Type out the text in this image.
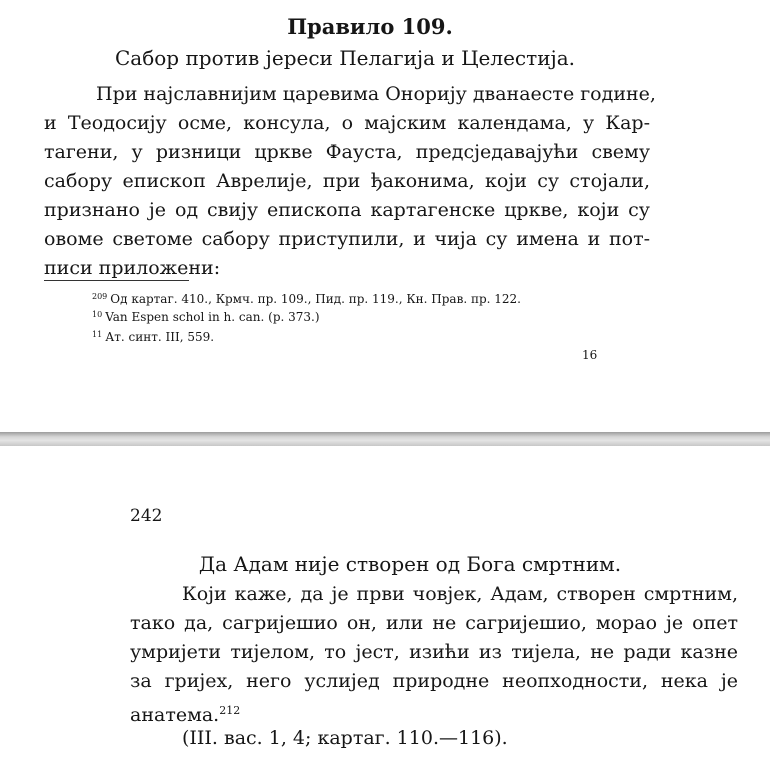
Правило 109.
Сабор против јереси Пелагија и Целестија.

При најславнијим царевима Онорију дванаесте године,
и Теодосију осме, консула, о мајским календама, у Кар-
тагени, у ризници цркве Фауста, предсједавајући свему
сабору епископ Аврелије, при ђаконима, који су стојали,
признано је од свију епископа картагенске цркве, који су
овоме светоме сабору приступили, и чија су имена и пот-
писи приложени:

$^{209}$ Од картаг. 410., Крмч. пр. 109., Пид. пр. 119., Кн. Прав. пр. 122.
$^{10}$ Van Espen schol in h. can. (p. 373.)
$^{11}$ Ат. синт. III, 559.
16
242
Да Адам није створен од Бога смртним.

Који каже, да је први човјек, Адам, створен смртним,
тако да, сагријешио он, или не сагријешио, морао је опет
умријети тијелом, то јест, изићи из тијела, не ради казне
за гријех, него услијед природне неопходности, нека је
анатема.$^{212}$

(III. вас. 1, 4; картаг. 110.—116).
